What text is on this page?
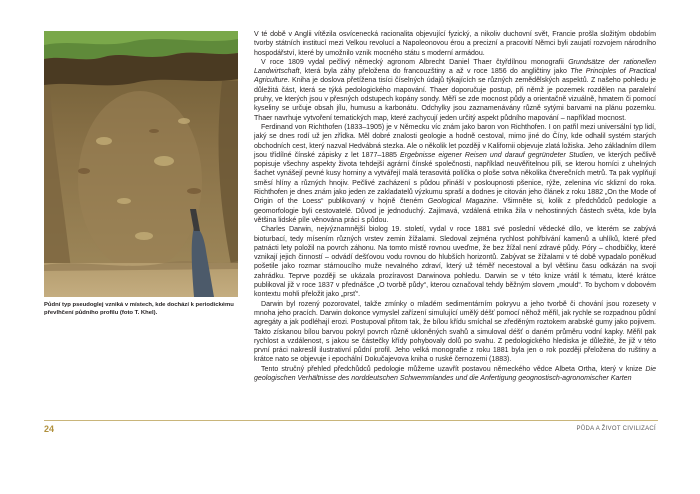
Půdní typ pseudoglej vzniká v místech, kde dochází k periodickému převlhčení půdního profilu (foto T. Khel).

V té době v Anglii vítězila osvícenecká racionalita objevující fyzický, a nikoliv duchovní svět, Francie prošla složitým obdobím tvorby státních institucí mezi Velkou revolucí a Napoleonovou érou a precizní a pracovití Němci byli zaujatí rozvojem národního hospodářství, které by umožnilo vznik mocného státu s moderní armádou.

V roce 1809 vydal pečlivý německý agronom Albrecht Daniel Thaer čtyřdílnou monografii Grundsätze der rationellen Landwirtschaft, která byla záhy přeložena do francouzštiny a až v roce 1856 do angličtiny jako The Principles of Practical Agriculture. Kniha je doslova přetížena tisíci číselných údajů týkajících se různých zemědělských aspektů. Z našeho pohledu je důležitá část, která se týká pedologického mapování. Thaer doporučuje postup, při němž je pozemek rozdělen na paralelní pruhy, ve kterých jsou v přesných odstupech kopány sondy. Měří se zde mocnost půdy a orientačně vizuálně, hmatem či pomocí kyseliny se určuje obsah jílu, humusu a karbonátu. Odchylky jsou zaznamenávány různě sytými barvami na plánu pozemku. Thaer navrhuje vytvoření tematických map, které zachycují jeden určitý aspekt půdního mapování – například mocnost.

Ferdinand von Richthofen (1833–1905) je v Německu víc znám jako baron von Richthofen. I on patřil mezi universální typ lidí, jaký se dnes rodí už jen zřídka. Měl dobré znalosti geologie a hodně cestoval, mimo jiné do Číny, kde odhalil systém starých obchodních cest, který nazval Hedvábná stezka. Ale o několik let později v Kalifornii objevuje zlatá ložiska. Jeho základním dílem jsou třídílné čínské zápisky z let 1877–1885 Ergebnisse eigener Reisen und darauf gegründeter Studien, ve kterých pečlivě popisuje všechny aspekty života tehdejší agrární čínské společnosti, například neuvěřitelnou píli, se kterou horníci z uhelných šachet vynášejí pevné kusy horniny a vytvářejí malá terasovitá políčka o ploše sotva několika čtverečních metrů. Ta pak vyplňují směsí hlíny a různých hnojiv. Pečlivé zacházení s půdou přináší v posloupnosti pšenice, rýže, zelenina víc sklizní do roka. Richthofen je dnes znám jako jeden ze zakladatelů výzkumu spraší a dodnes je citován jeho článek z roku 1882 „On the Mode of Origin of the Loess“ publikovaný v hojně čteném Geological Magazine. Všimněte si, kolik z předchůdců pedologie a geomorfologie byli cestovatelé. Důvod je jednoduchý. Zajímavá, vzdálená etnika žila v nehostinných částech světa, kde byla většina lidské píle věnována práci s půdou.

Charles Darwin, nejvýznamnější biolog 19. století, vydal v roce 1881 své poslední vědecké dílo, ve kterém se zabývá bioturbací, tedy mísením různých vrstev zemin žížalami. Sledoval zejména rychlost pohřbívání kamenů a uhlíků, které před patnácti lety položil na povrch záhonu. Na tomto místě rovnou uveďme, že bez žížal není zdravé půdy. Póry – chodbičky, které vznikají jejich činností – odvádí dešťovou vodu rovnou do hlubších horizontů. Zabývat se žížalami v té době vypadalo poněkud pošetile jako rozmar stárnoucího muže nevalného zdraví, který už téměř necestoval a byl většinu času odkázán na svoji zahrádku. Teprve později se ukázala prozíravost Darwinova pohledu. Darwin se v této knize vrátil k tématu, které krátce publikoval již v roce 1837 v přednášce „O tvorbě půdy“, kterou označoval tehdy běžným slovem „mould“. To bychom v dobovém kontextu mohli přeložit jako „prsť“.

Darwin byl rozený pozorovatel, takže zmínky o mladém sedimentárním pokryvu a jeho tvorbě či chování jsou rozesety v mnoha jeho pracích. Darwin dokonce vymyslel zařízení simulující umělý déšť pomocí něhož měřil, jak rychle se rozpadnou půdní agregáty a jak podléhají erozi. Postupoval přitom tak, že bílou křídu smíchal se zředěným roztokem arabské gumy jako pojivem. Takto získanou bílou barvou pokryl povrch různě ukloněných svahů a simuloval déšť o daném průměru vodní kapky. Měřil pak rychlost a vzdálenost, s jakou se částečky křídy pohybovaly dolů po svahu. Z pedologického hlediska je důležité, že již v této první práci nakreslil ilustrativní půdní profil. Jeho velká monografie z roku 1881 byla jen o rok později přeložena do ruštiny a krátce nato se objevuje i epochální Dokučajevova kniha o ruské černozemi (1883).

Tento stručný přehled předchůdců pedologie můžeme uzavřít postavou německého vědce Albeta Ortha, který v knize Die geologischen Verhältnisse des norddeutschen Schwemmlandes und die Anfertigung geognostisch-agronomischer Karten

24	PŮDA A ŽIVOT CIVILIZACÍ
